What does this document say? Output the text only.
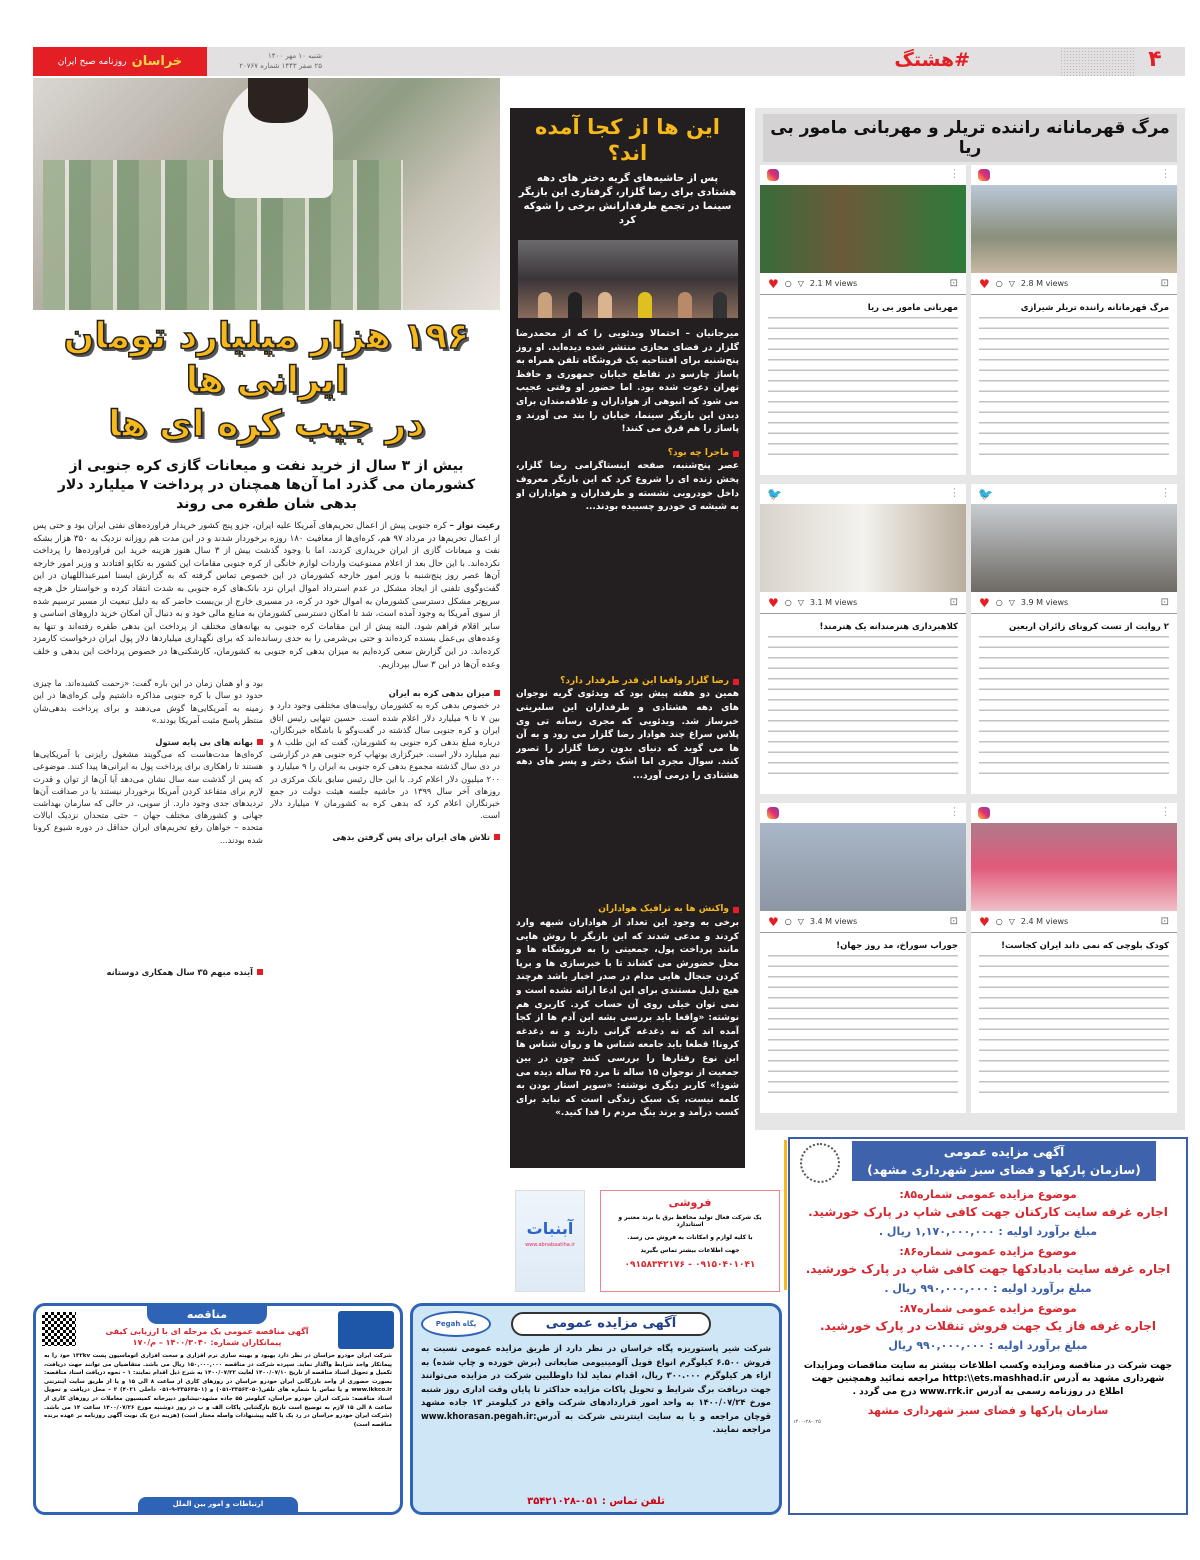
خراسان
روزنامه صبح ایران
شنبه ۱۰ مهر ۱۴۰۰
۲۵ صفر ۱۴۴۳ شماره ۲۰۷۶۷	#هشتگ	۴
۱۹۶ هزار میلیارد تومان ایرانی ها
در جیب کره ای ها
بیش از ۳ سال از خرید نفت و میعانات گازی کره جنوبی از کشورمان می گذرد اما آن‌ها همچنان در پرداخت ۷ میلیارد دلار بدهی شان طفره می روند
رعیت نواز – کره جنوبی پیش از اعمال تحریم‌های آمریکا علیه ایران، جزو پنج کشور خریدار فراورده‌های نفتی ایران بود و حتی پس از اعمال تحریم‌ها در مرداد ۹۷ هم، کره‌ای‌ها از معافیت ۱۸۰ روزه برخوردار شدند و در این مدت هم روزانه نزدیک به ۳۵۰ هزار بشکه نفت و میعانات گازی از ایران خریداری کردند، اما با وجود گذشت بیش از ۳ سال هنوز هزینه خرید این فراورده‌ها را پرداخت نکرده‌اند. با این حال بعد از اعلام ممنوعیت واردات لوازم خانگی از کره جنوبی مقامات این کشور به تکاپو افتادند و وزیر امور خارجه آن‌ها عصر روز پنج‌شنبه با وزیر امور خارجه کشورمان در این خصوص تماس گرفته که به گزارش ایسنا امیرعبداللهیان در این گفت‌وگوی تلفنی از ایجاد مشکل در عدم استرداد اموال ایران نزد بانک‌های کره جنوبی به شدت انتقاد کرده و خواستار حل هرچه سریع‌تر مشکل دسترسی کشورمان به اموال خود در کره، در مسیری خارج از بن‌بست حاضر که به دلیل تبعیت از مسیر ترسیم شده از سوی آمریکا به وجود آمده است، شد تا امکان دسترسی کشورمان به منابع مالی خود و به دنبال آن امکان خرید داروهای اساسی و سایر اقلام فراهم شود. البته پیش از این مقامات کره جنوبی به بهانه‌های مختلف از پرداخت این بدهی طفره رفته‌اند و تنها به وعده‌های بی‌عمل بسنده کرده‌اند و حتی بی‌شرمی را به حدی رسانده‌اند که برای نگهداری میلیاردها دلار پول ایران درخواست کارمزد کرده‌اند. در این گزارش سعی کرده‌ایم به میزان بدهی کره جنوبی به کشورمان، کارشکنی‌ها در خصوص پرداخت این بدهی و خلف وعده آن‌ها در این ۳ سال بپردازیم.
بود و او همان زمان در این باره گفت: «زحمت کشیده‌اند. ما چیزی حدود دو سال با کره جنوبی مذاکره داشتیم ولی کره‌ای‌ها در این زمینه به آمریکایی‌ها گوش می‌دهند و برای پرداخت بدهی‌شان منتظر پاسخ مثبت آمریکا بودند.»
بهانه های بی پایه ستول
کره‌ای‌ها مدت‌هاست که می‌گویند مشغول رایزنی با آمریکایی‌ها هستند تا راهکاری برای پرداخت پول به ایرانی‌ها پیدا کنند. موضوعی که پس از گذشت سه سال نشان می‌دهد آیا آن‌ها از توان و قدرت لازم برای متقاعد کردن آمریکا برخوردار نیستند یا در صداقت آن‌ها تردیدهای جدی وجود دارد. از سویی، در حالی که سازمان بهداشت جهانی و کشورهای مختلف جهان – حتی متحدان نزدیک ایالات متحده – خواهان رفع تحریم‌های ایران حداقل در دوره شیوع کرونا شده بودند...
آینده مبهم ۳۵ سال همکاری دوستانه
میزان بدهی کره به ایران
در خصوص بدهی کره به کشورمان روایت‌های مختلفی وجود دارد و بین ۷ تا ۹ میلیارد دلار اعلام شده است. حسین تنهایی رئیس اتاق ایران و کره جنوبی سال گذشته در گفت‌وگو با باشگاه خبرنگاران، درباره مبلغ بدهی کره جنوبی به کشورمان، گفت که این طلب ۸ و نیم میلیارد دلار است. خبرگزاری یونهاپ کره جنوبی هم در گزارشی در دی سال گذشته مجموع بدهی کره جنوبی به ایران را ۹ میلیارد و ۲۰۰ میلیون دلار اعلام کرد. با این حال رئیس سابق بانک مرکزی در روزهای آخر سال ۱۳۹۹ در حاشیه جلسه هیئت دولت در جمع خبرنگاران اعلام کرد که بدهی کره به کشورمان ۷ میلیارد دلار است.
تلاش های ایران برای پس گرفتن بدهی
این ها از کجا آمده اند؟
پس از حاشیه‌های گریه دختر های دهه هشتادی برای رضا گلزار، گرفتاری این بازیگر سینما در تجمع طرفدارانش برخی را شوکه کرد
میرجانیان – احتمالا ویدئویی را که از محمدرضا گلزار در فضای مجازی منتشر شده دیده‌اید. او روز پنج‌شنبه برای افتتاحیه یک فروشگاه تلفن همراه به پاساژ چارسو در تقاطع خیابان جمهوری و حافظ تهران دعوت شده بود. اما حضور او وقتی عجیب می شود که انبوهی از هواداران و علاقه‌مندان برای دیدن این بازیگر سینما، خیابان را بند می آورند و پاساژ را هم قرق می کنند!
ماجرا چه بود؟
عصر پنج‌شنبه، صفحه اینستاگرامی رضا گلزار، پخش زنده ای را شروع کرد که این بازیگر معروف داخل خودرویی نشسته و طرفداران و هواداران او به شیشه ی خودرو چسبیده بودند...
رضا گلزار واقعا این قدر طرفدار دارد؟
همین دو هفته پیش بود که ویدئوی گریه نوجوان های دهه هشتادی و طرفداران این سلبریتی خبرساز شد. ویدئویی که مجری رسانه تی وی پلاس سراغ چند هوادار رضا گلزار می رود و به آن ها می گوید که دنیای بدون رضا گلزار را تصور کنند. سوال مجری اما اشک دختر و پسر های دهه هشتادی را درمی آورد...
واکنش ها به ترافیک هواداران
برخی به وجود این تعداد از هواداران شبهه وارد کردند و مدعی شدند که این بازیگر با روش هایی مانند پرداخت پول، جمعیتی را به فروشگاه ها و محل حضورش می کشاند تا با خبرسازی ها و برپا کردن جنجال هایی مدام در صدر اخبار باشد هرچند هیچ دلیل مستندی برای این ادعا ارائه نشده است و نمی توان خیلی روی آن حساب کرد. کاربری هم نوشته: «واقعا باید بررسی بشه این آدم ها از کجا آمده اند که نه دغدغه گرانی دارند و نه دغدغه کرونا! قطعا باید جامعه شناس ها و روان شناس ها این نوع رفتارها را بررسی کنند چون در بین جمعیت از نوجوان ۱۵ ساله تا مرد ۴۵ ساله دیده می شود!» کاربر دیگری نوشته: «سوپر استار بودن به کلمه نیست، یک سبک زندگی است که نباید برای کسب درآمد و برند ینگ مردم را فدا کنید.»
مرگ قهرمانانه راننده تریلر و مهربانی مامور بی ریا
⋮
♥ ○ ▽ 2.8 M views	⊡
مرگ قهرمانانه راننده تریلر شیرازی
⋮
♥ ○ ▽ 2.1 M views	⊡
مهربانی مامور بی ریا
🐦	⋮
♥ ○ ▽ 3.9 M views	⊡
۲ روایت از تست کرونای زائران اربعین
🐦	⋮
♥ ○ ▽ 3.1 M views	⊡
کلاهبرداری هنرمندانه یک هنرمند!
⋮
♥ ○ ▽ 2.4 M views	⊡
کودک بلوچی که نمی داند ایران کجاست!
⋮
♥ ○ ▽ 3.4 M views	⊡
جوراب سوراخ، مد روز جهان!
آبنبات
www.abnabaatiha.ir
فروشی
یک شرکت فعال تولید محافظ برق با برند معتبر و استاندارد
با کلیه لوازم و امکانات به فروش می رسد.
جهت اطلاعات بیشتر تماس بگیرید
۰۹۱۵۰۴۰۱۰۴۱ - ۰۹۱۵۸۳۴۲۱۷۶
آگهی مزایده عمومی
(سازمان پارکها و فضای سبز شهرداری مشهد)
موضوع مزایده عمومی شماره۸۵:
اجاره غرفه سایت کارکنان جهت کافی شاپ در پارک خورشید.
مبلغ برآورد اولیه : ۱,۱۷۰,۰۰۰,۰۰۰ ریال .
موضوع مزایده عمومی شماره۸۶:
اجاره غرفه سایت بادبادکها جهت کافی شاپ در پارک خورشید.
مبلغ برآورد اولیه : ۹۹۰,۰۰۰,۰۰۰ ریال .
موضوع مزایده عمومی شماره۸۷:
اجاره غرفه فاز یک جهت فروش تنقلات در پارک خورشید.
مبلغ برآورد اولیه : ۹۹۰,۰۰۰,۰۰۰ ریال
جهت شرکت در مناقصه ومزایده وکسب اطلاعات بیشتر به سایت مناقصات ومزایدات شهرداری مشهد به آدرس http:\\ets.mashhad.ir مراجعه نمائید وهمچنین جهت اطلاع در روزنامه رسمی به آدرس www.rrk.ir درج می گردد .
سازمان پارکها و فضای سبز شهرداری مشهد
۱۴۰۰-۲۸-۰۲۵
مناقصه
آگهی مناقصه عمومی یک مرحله ای با ارزیابی کیفی
پیمانکاران شماره: ۱۴۰۰/۳۰۴۰ – م/۱۷۰
شرکت ایران خودرو خراسان در نظر دارد بهبود و بهینه سازی نرم افزاری و سخت افزاری اتوماسیون پست ۱۳۲kv خود را به پیمانکار واجد شرایط واگذار نماید. سپرده شرکت در مناقصه ۱۵۰,۰۰۰,۰۰۰ ریال می باشد. متقاضیان می توانند جهت دریافت، تکمیل و تحویل اسناد مناقصه از تاریخ ۱۴۰۰/۰۷/۱۰ لغایت ۱۴۰۰/۰۷/۲۲ به شرح ذیل اقدام نمایند: ۱ – نحوه دریافت اسناد مناقصه: بصورت حضوری از واحد بازرگانی ایران خودرو خراسان در روزهای کاری از ساعت ۸ الی ۱۵ و یا از طریق سایت اینترنتی www.ikkco.ir و یا تماس با شماره های تلفن(۳۳۵۶۳۰۵۰-۰۵۱) و (۳۳۵۶۳۵۰۱-۹-۰۵۱ داخلی ۴۰۲۱) ۲ – محل دریافت و تحویل اسناد مناقصه: شرکت ایران خودرو خراسان، کیلومتر ۵۵ جاده مشهد-نیشابور دبیرخانه کمیسیون معاملات در روزهای کاری از ساعت ۸ الی ۱۵ لازم به توضیح است تاریخ بازگشایی پاکات الف و ب در روز دوشنبه مورخ ۱۴۰۰/۰۷/۲۶ ساعت ۱۴ می باشد. (شرکت ایران خودرو خراسان در رد یک یا کلیه پیشنهادات واصله مختار است) (هزینه درج یک نوبت آگهی روزنامه بر عهده برنده مناقصه است)
ارتباطات و امور بین الملل
Pegah پگاه	آگهی مزایده عمومی
شرکت شیر پاستوریزه پگاه خراسان در نظر دارد از طریق مزایده عمومی نسبت به فروش ۶.۵۰۰ کیلوگرم انواع فویل آلومینیومی ضایعاتی (برش خورده و چاپ شده) به ازاء هر کیلوگرم ۳۰۰.۰۰۰ ریال، اقدام نماید لذا داوطلبین شرکت در مزایده می‌توانند جهت دریافت برگ شرایط و تحویل پاکات مزایده حداکثر تا پایان وقت اداری روز شنبه مورخ ۱۴۰۰/۰۷/۲۴ به واحد امور قراردادهای شرکت واقع در کیلومتر ۱۳ جاده مشهد قوچان مراجعه و یا به سایت اینترنتی شرکت به آدرس:www.khorasan.pegah.ir مراجعه نمایند.
تلفن تماس : ۰۵۱-۳۵۴۲۱۰۲۸
